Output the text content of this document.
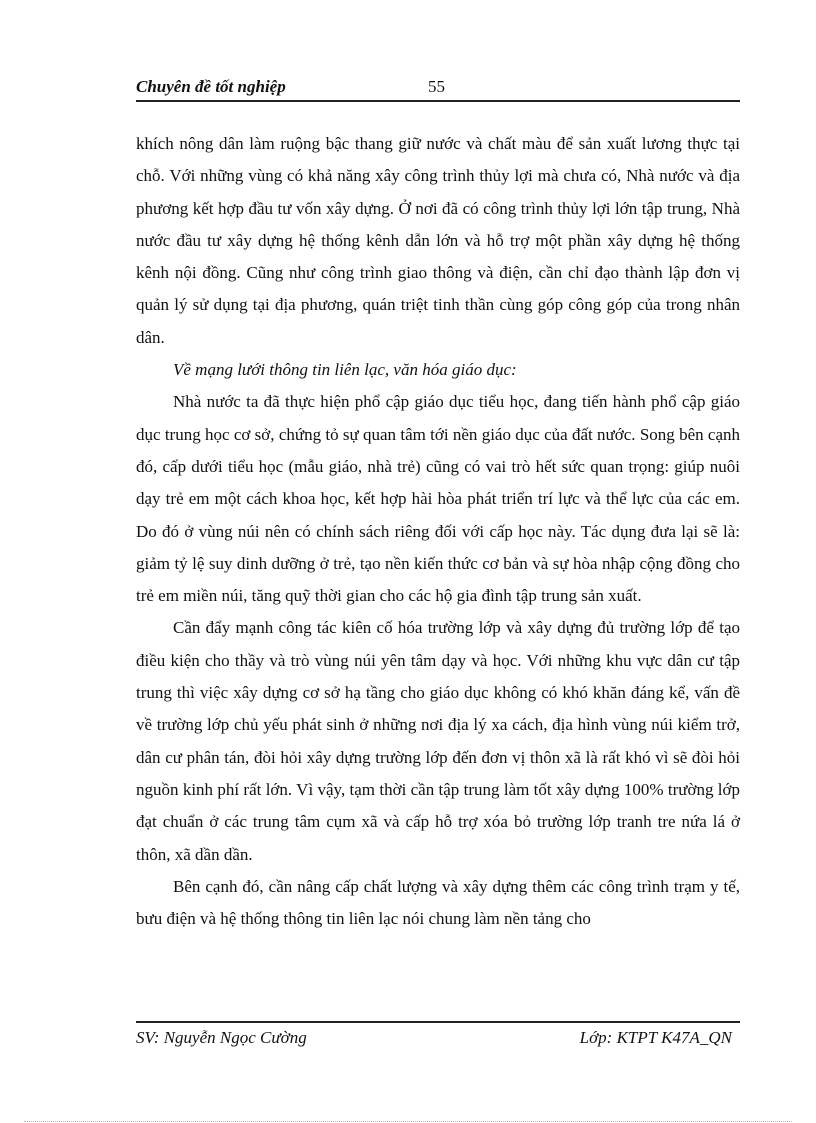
Chuyên đề tốt nghiệp	55

khích nông dân làm ruộng bậc thang giữ nước và chất màu để sản xuất lương thực tại chỗ. Với những vùng có khả năng xây công trình thủy lợi mà chưa có, Nhà nước và địa phương kết hợp đầu tư vốn xây dựng. Ở nơi đã có công trình thủy lợi lớn tập trung, Nhà nước đầu tư xây dựng hệ thống kênh dẫn lớn và hỗ trợ một phần xây dựng hệ thống kênh nội đồng. Cũng như công trình giao thông và điện, cần chỉ đạo thành lập đơn vị quản lý sử dụng tại địa phương, quán triệt tinh thần cùng góp công góp của trong nhân dân.

Về mạng lưới thông tin liên lạc, văn hóa giáo dục:

Nhà nước ta đã thực hiện phổ cập giáo dục tiểu học, đang tiến hành phổ cập giáo dục trung học cơ sở, chứng tỏ sự quan tâm tới nền giáo dục của đất nước. Song bên cạnh đó, cấp dưới tiểu học (mẫu giáo, nhà trẻ) cũng có vai trò hết sức quan trọng: giúp nuôi dạy trẻ em một cách khoa học, kết hợp hài hòa phát triển trí lực và thể lực của các em. Do đó ở vùng núi nên có chính sách riêng đối với cấp học này. Tác dụng đưa lại sẽ là: giảm tỷ lệ suy dinh dưỡng ở trẻ, tạo nền kiến thức cơ bản và sự hòa nhập cộng đồng cho trẻ em miền núi, tăng quỹ thời gian cho các hộ gia đình tập trung sản xuất.

Cần đẩy mạnh công tác kiên cố hóa trường lớp và xây dựng đủ trường lớp để tạo điều kiện cho thầy và trò vùng núi yên tâm dạy và học. Với những khu vực dân cư tập trung thì việc xây dựng cơ sở hạ tầng cho giáo dục không có khó khăn đáng kể, vấn đề về trường lớp chủ yếu phát sinh ở những nơi địa lý xa cách, địa hình vùng núi kiểm trở, dân cư phân tán, đòi hỏi xây dựng trường lớp đến đơn vị thôn xã là rất khó vì sẽ đòi hỏi nguồn kinh phí rất lớn. Vì vậy, tạm thời cần tập trung làm tốt xây dựng 100% trường lớp đạt chuẩn ở các trung tâm cụm xã và cấp hỗ trợ xóa bỏ trường lớp tranh tre nứa lá ở thôn, xã dần dần.

Bên cạnh đó, cần nâng cấp chất lượng và xây dựng thêm các công trình trạm y tế, bưu điện và hệ thống thông tin liên lạc nói chung làm nền tảng cho

SV: Nguyễn Ngọc Cường	Lớp: KTPT K47A_QN
